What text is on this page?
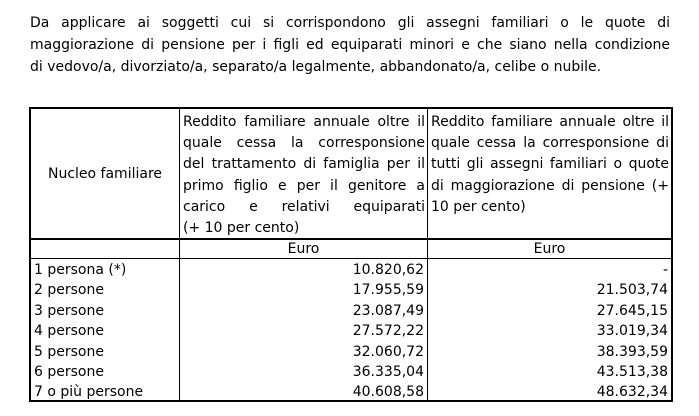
Da applicare ai soggetti cui si corrispondono gli assegni familiari o le quote di
maggiorazione di pensione per i figli ed equiparati minori e che siano nella condizione
di vedovo/a, divorziato/a, separato/a legalmente, abbandonato/a, celibe o nubile.
Nucleo familiare
Reddito familiare annuale oltre il
quale cessa la corresponsione
del trattamento di famiglia per il
primo figlio e per il genitore a
carico e relativi equiparati
(+ 10 per cento)
Reddito familiare annuale oltre il
quale cessa la corresponsione di
tutti gli assegni familiari o quote
di maggiorazione di pensione (+
10 per cento)
Euro	Euro
1 persona (*)
2 persone
3 persone
4 persone
5 persone
6 persone
7 o più persone
10.820,62
17.955,59
23.087,49
27.572,22
32.060,72
36.335,04
40.608,58
-
21.503,74
27.645,15
33.019,34
38.393,59
43.513,38
48.632,34
